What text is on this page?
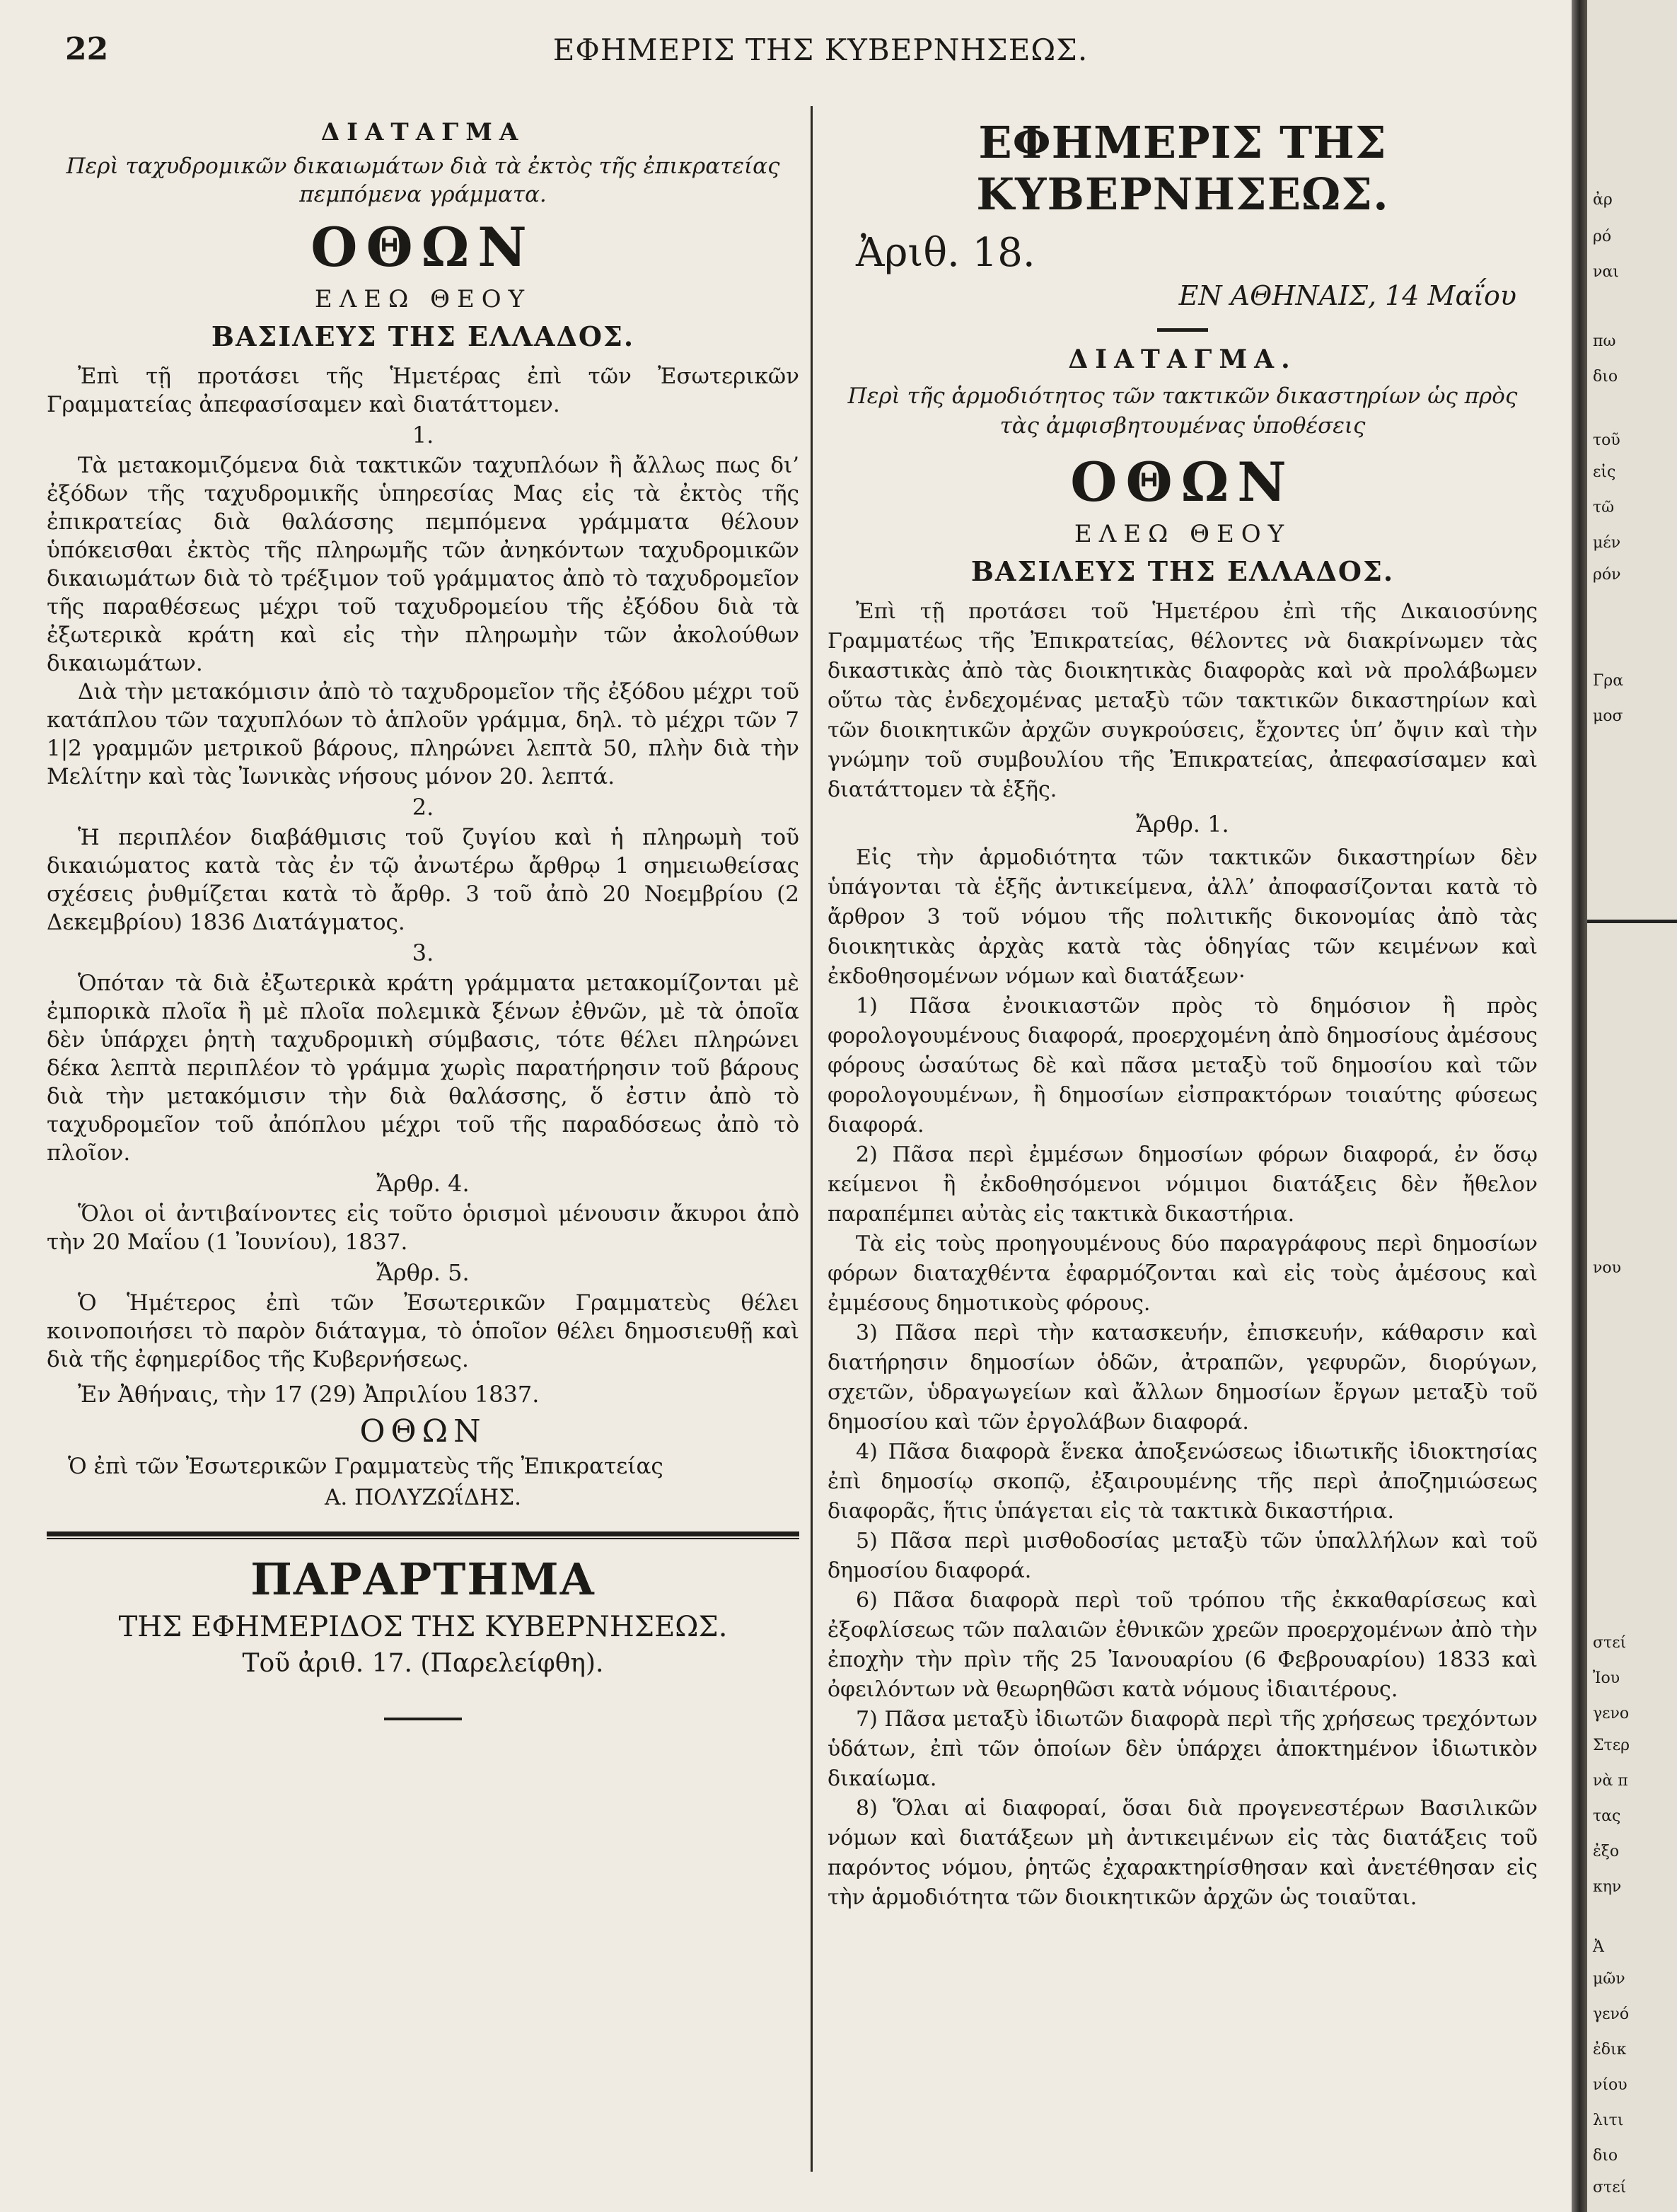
22	ΕΦΗΜΕΡΙΣ ΤΗΣ ΚΥΒΕΡΝΗΣΕΩΣ.
ΔΙΑΤΑΓΜΑ
Περὶ ταχυδρομικῶν δικαιωμάτων διὰ τὰ ἐκτὸς τῆς ἐπικρατείας πεμπόμενα γράμματα.
ΟΘΩΝ
ΕΛΕΩ ΘΕΟΥ
ΒΑΣΙΛΕΥΣ ΤΗΣ ΕΛΛΑΔΟΣ.

Ἐπὶ τῇ προτάσει τῆς Ἡμετέρας ἐπὶ τῶν Ἐσωτερικῶν Γραμματείας ἀπεφασίσαμεν καὶ διατάττομεν.

1.

Τὰ μετακομιζόμενα διὰ τακτικῶν ταχυπλόων ἢ ἄλλως πως δι’ ἐξόδων τῆς ταχυδρομικῆς ὑπηρεσίας Μας εἰς τὰ ἐκτὸς τῆς ἐπικρατείας διὰ θαλάσσης πεμπόμενα γράμματα θέλουν ὑπόκεισθαι ἐκτὸς τῆς πληρωμῆς τῶν ἀνηκόντων ταχυδρομικῶν δικαιωμάτων διὰ τὸ τρέξιμον τοῦ γράμματος ἀπὸ τὸ ταχυδρομεῖον τῆς παραθέσεως μέχρι τοῦ ταχυδρομείου τῆς ἐξόδου διὰ τὰ ἐξωτερικὰ κράτη καὶ εἰς τὴν πληρωμὴν τῶν ἀκολούθων δικαιωμάτων.

Διὰ τὴν μετακόμισιν ἀπὸ τὸ ταχυδρομεῖον τῆς ἐξόδου μέχρι τοῦ κατάπλου τῶν ταχυπλόων τὸ ἁπλοῦν γράμμα, δηλ. τὸ μέχρι τῶν 7 1|2 γραμμῶν μετρικοῦ βάρους, πληρώνει λεπτὰ 50, πλὴν διὰ τὴν Μελίτην καὶ τὰς Ἰωνικὰς νήσους μόνον 20. λεπτά.

2.

Ἡ περιπλέον διαβάθμισις τοῦ ζυγίου καὶ ἡ πληρωμὴ τοῦ δικαιώματος κατὰ τὰς ἐν τῷ ἀνωτέρω ἄρθρῳ 1 σημειωθείσας σχέσεις ῥυθμίζεται κατὰ τὸ ἄρθρ. 3 τοῦ ἀπὸ 20 Νοεμβρίου (2 Δεκεμβρίου) 1836 Διατάγματος.

3.

Ὁπόταν τὰ διὰ ἐξωτερικὰ κράτη γράμματα μετακομίζονται μὲ ἐμπορικὰ πλοῖα ἢ μὲ πλοῖα πολεμικὰ ξένων ἐθνῶν, μὲ τὰ ὁποῖα δὲν ὑπάρχει ῥητὴ ταχυδρομικὴ σύμβασις, τότε θέλει πληρώνει δέκα λεπτὰ περιπλέον τὸ γράμμα χωρὶς παρατήρησιν τοῦ βάρους διὰ τὴν μετακόμισιν τὴν διὰ θαλάσσης, ὅ ἐστιν ἀπὸ τὸ ταχυδρομεῖον τοῦ ἀπόπλου μέχρι τοῦ τῆς παραδόσεως ἀπὸ τὸ πλοῖον.

Ἄρθρ. 4.

Ὅλοι οἱ ἀντιβαίνοντες εἰς τοῦτο ὁρισμοὶ μένουσιν ἄκυροι ἀπὸ τὴν 20 Μαΐου (1 Ἰουνίου), 1837.

Ἄρθρ. 5.

Ὁ Ἡμέτερος ἐπὶ τῶν Ἐσωτερικῶν Γραμματεὺς θέλει κοινοποιήσει τὸ παρὸν διάταγμα, τὸ ὁποῖον θέλει δημοσιευθῇ καὶ διὰ τῆς ἐφημερίδος τῆς Κυβερνήσεως.

Ἐν Ἀθήναις, τὴν 17 (29) Ἀπριλίου 1837.
ΟΘΩΝ
Ὁ ἐπὶ τῶν Ἐσωτερικῶν Γραμματεὺς τῆς Ἐπικρατείας
Α. ΠΟΛΥΖΩΐΔΗΣ.
ΠΑΡΑΡΤΗΜΑ
ΤΗΣ ΕΦΗΜΕΡΙΔΟΣ ΤΗΣ ΚΥΒΕΡΝΗΣΕΩΣ.
Τοῦ ἀριθ. 17. (Παρελείφθη).
ΕΦΗΜΕΡΙΣ ΤΗΣ ΚΥΒΕΡΝΗΣΕΩΣ.
Ἀριθ. 18.
ΕΝ ΑΘΗΝΑΙΣ, 14 Μαΐου
ΔΙΑΤΑΓΜΑ.
Περὶ τῆς ἁρμοδιότητος τῶν τακτικῶν δικαστηρίων ὡς πρὸς τὰς ἀμφισβητουμένας ὑποθέσεις
ΟΘΩΝ
ΕΛΕΩ ΘΕΟΥ
ΒΑΣΙΛΕΥΣ ΤΗΣ ΕΛΛΑΔΟΣ.

Ἐπὶ τῇ προτάσει τοῦ Ἡμετέρου ἐπὶ τῆς Δικαιοσύνης Γραμματέως τῆς Ἐπικρατείας, θέλοντες νὰ διακρίνωμεν τὰς δικαστικὰς ἀπὸ τὰς διοικητικὰς διαφορὰς καὶ νὰ προλάβωμεν οὕτω τὰς ἐνδεχομένας μεταξὺ τῶν τακτικῶν δικαστηρίων καὶ τῶν διοικητικῶν ἀρχῶν συγκρούσεις, ἔχοντες ὑπ’ ὄψιν καὶ τὴν γνώμην τοῦ συμβουλίου τῆς Ἐπικρατείας, ἀπεφασίσαμεν καὶ διατάττομεν τὰ ἑξῆς.

Ἄρθρ. 1.

Εἰς τὴν ἁρμοδιότητα τῶν τακτικῶν δικαστηρίων δὲν ὑπάγονται τὰ ἑξῆς ἀντικείμενα, ἀλλ’ ἀποφασίζονται κατὰ τὸ ἄρθρον 3 τοῦ νόμου τῆς πολιτικῆς δικονομίας ἀπὸ τὰς διοικητικὰς ἀρχὰς κατὰ τὰς ὁδηγίας τῶν κειμένων καὶ ἐκδοθησομένων νόμων καὶ διατάξεων·

1) Πᾶσα ἐνοικιαστῶν πρὸς τὸ δημόσιον ἢ πρὸς φορολογουμένους διαφορά, προερχομένη ἀπὸ δημοσίους ἀμέσους φόρους ὡσαύτως δὲ καὶ πᾶσα μεταξὺ τοῦ δημοσίου καὶ τῶν φορολογουμένων, ἢ δημοσίων εἰσπρακτόρων τοιαύτης φύσεως διαφορά.

2) Πᾶσα περὶ ἐμμέσων δημοσίων φόρων διαφορά, ἐν ὅσῳ κείμενοι ἢ ἐκδοθησόμενοι νόμιμοι διατάξεις δὲν ἤθελον παραπέμπει αὐτὰς εἰς τακτικὰ δικαστήρια.

Τὰ εἰς τοὺς προηγουμένους δύο παραγράφους περὶ δημοσίων φόρων διαταχθέντα ἐφαρμόζονται καὶ εἰς τοὺς ἀμέσους καὶ ἐμμέσους δημοτικοὺς φόρους.

3) Πᾶσα περὶ τὴν κατασκευήν, ἐπισκευήν, κάθαρσιν καὶ διατήρησιν δημοσίων ὁδῶν, ἀτραπῶν, γεφυρῶν, διορύγων, σχετῶν, ὑδραγωγείων καὶ ἄλλων δημοσίων ἔργων μεταξὺ τοῦ δημοσίου καὶ τῶν ἐργολάβων διαφορά.

4) Πᾶσα διαφορὰ ἕνεκα ἀποξενώσεως ἰδιωτικῆς ἰδιοκτησίας ἐπὶ δημοσίῳ σκοπῷ, ἐξαιρουμένης τῆς περὶ ἀποζημιώσεως διαφορᾶς, ἥτις ὑπάγεται εἰς τὰ τακτικὰ δικαστήρια.

5) Πᾶσα περὶ μισθοδοσίας μεταξὺ τῶν ὑπαλλήλων καὶ τοῦ δημοσίου διαφορά.

6) Πᾶσα διαφορὰ περὶ τοῦ τρόπου τῆς ἐκκαθαρίσεως καὶ ἐξοφλίσεως τῶν παλαιῶν ἐθνικῶν χρεῶν προερχομένων ἀπὸ τὴν ἐποχὴν τὴν πρὶν τῆς 25 Ἰανουαρίου (6 Φεβρουαρίου) 1833 καὶ ὀφειλόντων νὰ θεωρηθῶσι κατὰ νόμους ἰδιαιτέρους.

7) Πᾶσα μεταξὺ ἰδιωτῶν διαφορὰ περὶ τῆς χρήσεως τρεχόντων ὑδάτων, ἐπὶ τῶν ὁποίων δὲν ὑπάρχει ἀποκτημένον ἰδιωτικὸν δικαίωμα.

8) Ὅλαι αἱ διαφοραί, ὅσαι διὰ προγενεστέρων Βασιλικῶν νόμων καὶ διατάξεων μὴ ἀντικειμένων εἰς τὰς διατάξεις τοῦ παρόντος νόμου, ῥητῶς ἐχαρακτηρίσθησαν καὶ ἀνετέθησαν εἰς τὴν ἁρμοδιότητα τῶν διοικητικῶν ἀρχῶν ὡς τοιαῦται.

ἀρ
ρό
ναι
πω
διο
τοῦ
εἰς
τῶ
μέν
ρόν
Γρα
μοσ
νου
στεί
Ἰου
γενο
Στερ
νὰ π
τας
ἐξο
κην
Ἀ
μῶν
γενό
ἐδικ
νίου
λιτι
διο
στεί
